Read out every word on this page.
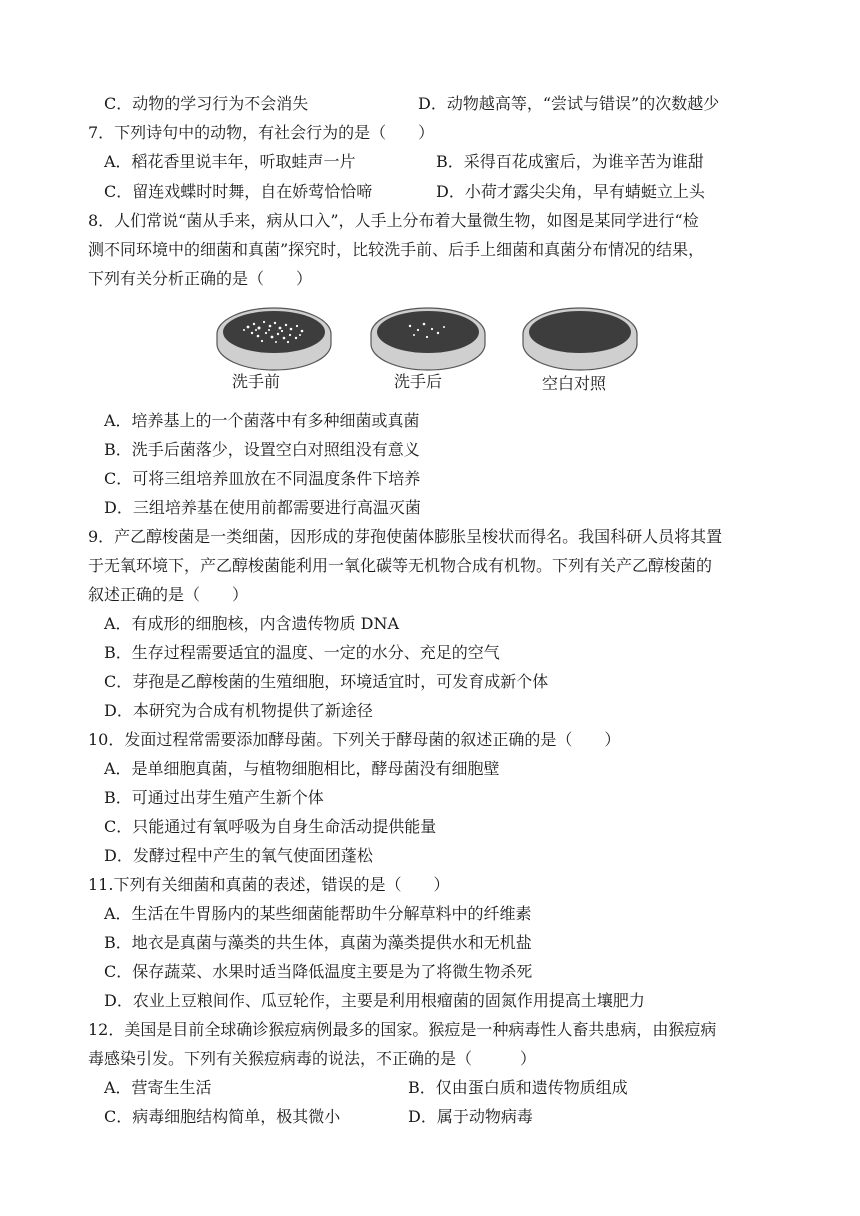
C．动物的学习行为不会消失	D．动物越高等，“尝试与错误”的次数越少
7．下列诗句中的动物，有社会行为的是（　　）
A．稻花香里说丰年，听取蛙声一片	B．采得百花成蜜后，为谁辛苦为谁甜
C．留连戏蝶时时舞，自在娇莺恰恰啼	D．小荷才露尖尖角，早有蜻蜓立上头
8．人们常说“菌从手来，病从口入”，人手上分布着大量微生物，如图是某同学进行“检
测不同环境中的细菌和真菌”探究时，比较洗手前、后手上细菌和真菌分布情况的结果，
下列有关分析正确的是（　　）
洗手前	洗手后	空白对照
A．培养基上的一个菌落中有多种细菌或真菌
B．洗手后菌落少，设置空白对照组没有意义
C．可将三组培养皿放在不同温度条件下培养
D．三组培养基在使用前都需要进行高温灭菌
9．产乙醇梭菌是一类细菌，因形成的芽孢使菌体膨胀呈梭状而得名。我国科研人员将其置
于无氧环境下，产乙醇梭菌能利用一氧化碳等无机物合成有机物。下列有关产乙醇梭菌的
叙述正确的是（　　）
A．有成形的细胞核，内含遗传物质 DNA
B．生存过程需要适宜的温度、一定的水分、充足的空气
C．芽孢是乙醇梭菌的生殖细胞，环境适宜时，可发育成新个体
D．本研究为合成有机物提供了新途径
10．发面过程常需要添加酵母菌。下列关于酵母菌的叙述正确的是（　　）
A．是单细胞真菌，与植物细胞相比，酵母菌没有细胞壁
B．可通过出芽生殖产生新个体
C．只能通过有氧呼吸为自身生命活动提供能量
D．发酵过程中产生的氧气使面团蓬松
11.下列有关细菌和真菌的表述，错误的是（　　）
A．生活在牛胃肠内的某些细菌能帮助牛分解草料中的纤维素
B．地衣是真菌与藻类的共生体，真菌为藻类提供水和无机盐
C．保存蔬菜、水果时适当降低温度主要是为了将微生物杀死
D．农业上豆粮间作、瓜豆轮作，主要是利用根瘤菌的固氮作用提高土壤肥力
12．美国是目前全球确诊猴痘病例最多的国家。猴痘是一种病毒性人畜共患病，由猴痘病
毒感染引发。下列有关猴痘病毒的说法，不正确的是（　　　）
A．营寄生生活	B．仅由蛋白质和遗传物质组成
C．病毒细胞结构简单，极其微小	D．属于动物病毒
